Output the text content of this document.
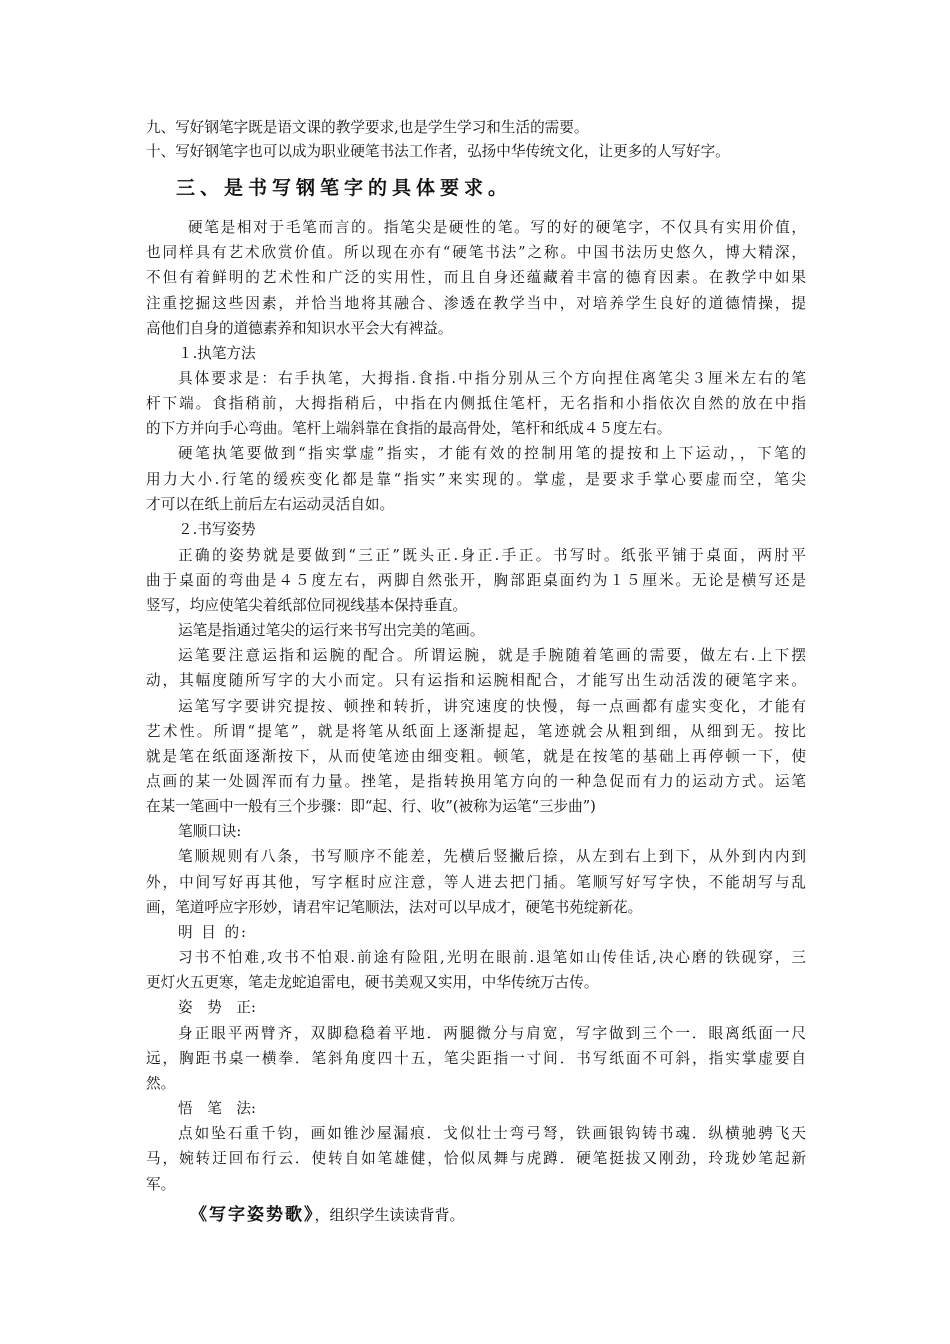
九、写好钢笔字既是语文课的教学要求,也是学生学习和生活的需要。
十、写好钢笔字也可以成为职业硬笔书法工作者，弘扬中华传统文化，让更多的人写好字。
三、是书写钢笔字的具体要求。
硬笔是相对于毛笔而言的。指笔尖是硬性的笔。写的好的硬笔字，不仅具有实用价值，
也同样具有艺术欣赏价值。所以现在亦有“硬笔书法”之称。中国书法历史悠久，博大精深，
不但有着鲜明的艺术性和广泛的实用性，而且自身还蕴藏着丰富的德育因素。在教学中如果
注重挖掘这些因素，并恰当地将其融合、渗透在教学当中，对培养学生良好的道德情操，提
高他们自身的道德素养和知识水平会大有裨益。
１.执笔方法
具体要求是：右手执笔，大拇指.食指.中指分别从三个方向捏住离笔尖３厘米左右的笔
杆下端。食指稍前，大拇指稍后，中指在内侧抵住笔杆，无名指和小指依次自然的放在中指
的下方并向手心弯曲。笔杆上端斜靠在食指的最高骨处，笔杆和纸成４５度左右。
硬笔执笔要做到“指实掌虚”指实，才能有效的控制用笔的提按和上下运动，，下笔的
用力大小.行笔的缓疾变化都是靠“指实”来实现的。掌虚，是要求手掌心要虚而空，笔尖
才可以在纸上前后左右运动灵活自如。
２.书写姿势
正确的姿势就是要做到“三正”既头正.身正.手正。书写时。纸张平铺于桌面，两肘平
曲于桌面的弯曲是４５度左右，两脚自然张开，胸部距桌面约为１５厘米。无论是横写还是
竖写，均应使笔尖着纸部位同视线基本保持垂直。
运笔是指通过笔尖的运行来书写出完美的笔画。
运笔要注意运指和运腕的配合。所谓运腕，就是手腕随着笔画的需要，做左右.上下摆
动，其幅度随所写字的大小而定。只有运指和运腕相配合，才能写出生动活泼的硬笔字来。
运笔写字要讲究提按、顿挫和转折，讲究速度的快慢，每一点画都有虚实变化，才能有
艺术性。所谓“提笔”，就是将笔从纸面上逐渐提起，笔迹就会从粗到细，从细到无。按比
就是笔在纸面逐渐按下，从而使笔迹由细变粗。顿笔，就是在按笔的基础上再停顿一下，使
点画的某一处圆浑而有力量。挫笔，是指转换用笔方向的一种急促而有力的运动方式。运笔
在某一笔画中一般有三个步骤：即“起、行、收”(被称为运笔“三步曲”)
笔顺口诀:
笔顺规则有八条，书写顺序不能差，先横后竖撇后捺，从左到右上到下，从外到内内到
外，中间写好再其他，写字框时应注意，等人进去把门插。笔顺写好写字快，不能胡写与乱
画，笔道呼应字形妙，请君牢记笔顺法，法对可以早成才，硬笔书苑绽新花。
明 目 的:
习书不怕难,攻书不怕艰.前途有险阻,光明在眼前.退笔如山传佳话,决心磨的铁砚穿，三
更灯火五更寒，笔走龙蛇追雷电，硬书美观又实用，中华传统万古传。
姿　势　正:
身正眼平两臂齐，双脚稳稳着平地．两腿微分与肩宽，写字做到三个一．眼离纸面一尺
远，胸距书桌一横拳．笔斜角度四十五，笔尖距指一寸间．书写纸面不可斜，指实掌虚要自
然。
悟　笔　法:
点如坠石重千钧，画如锥沙屋漏痕．戈似壮士弯弓弩，铁画银钩铸书魂．纵横驰骋飞天
马，婉转迂回布行云．使转自如笔雄健，恰似凤舞与虎蹲．硬笔挺拔又刚劲，玲珑妙笔起新
军。
《写字姿势歌》，组织学生读读背背。
